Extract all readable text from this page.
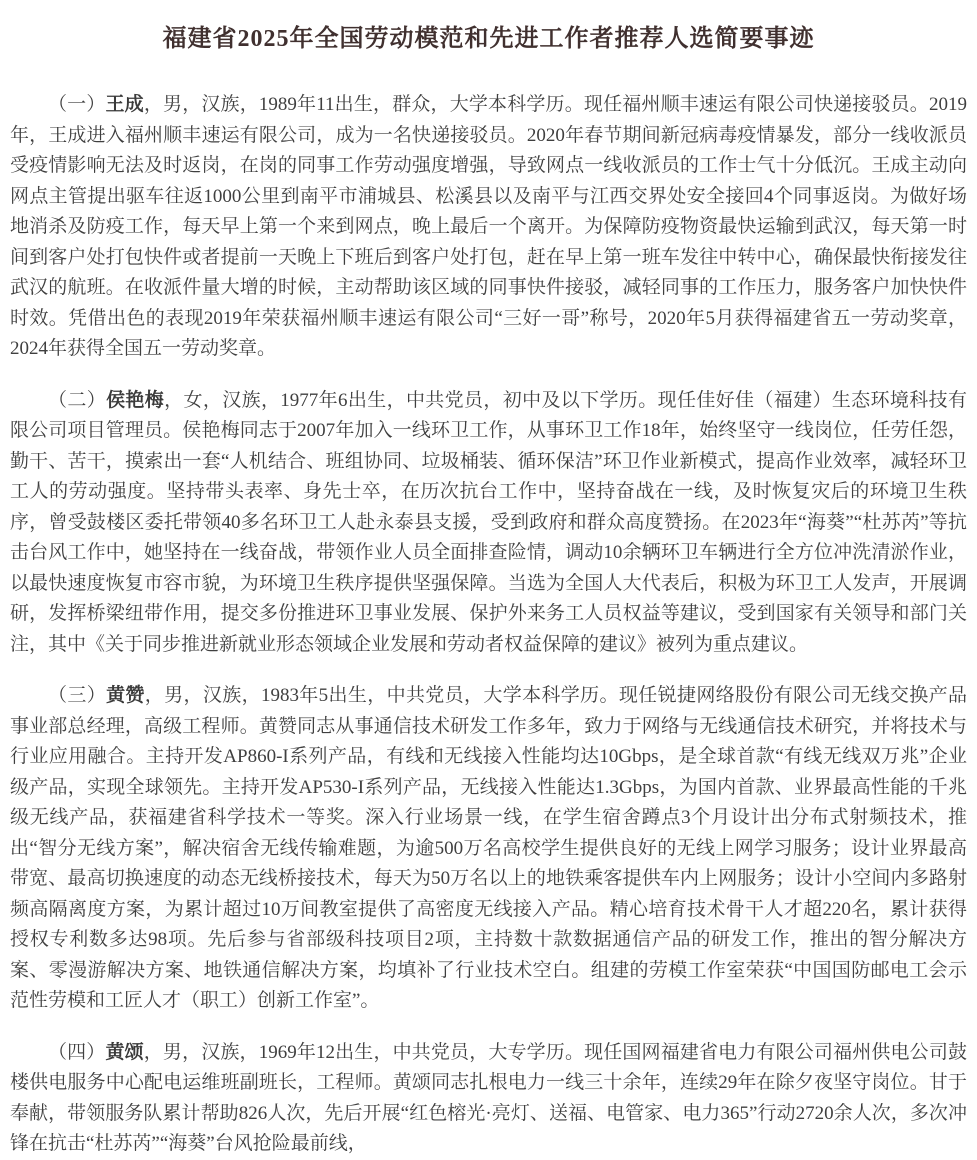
福建省2025年全国劳动模范和先进工作者推荐人选简要事迹

（一）王成，男，汉族，1989年11出生，群众，大学本科学历。现任福州顺丰速运有限公司快递接驳员。2019年，王成进入福州顺丰速运有限公司，成为一名快递接驳员。2020年春节期间新冠病毒疫情暴发，部分一线收派员受疫情影响无法及时返岗，在岗的同事工作劳动强度增强，导致网点一线收派员的工作士气十分低沉。王成主动向网点主管提出驱车往返1000公里到南平市浦城县、松溪县以及南平与江西交界处安全接回4个同事返岗。为做好场地消杀及防疫工作，每天早上第一个来到网点，晚上最后一个离开。为保障防疫物资最快运输到武汉，每天第一时间到客户处打包快件或者提前一天晚上下班后到客户处打包，赶在早上第一班车发往中转中心，确保最快衔接发往武汉的航班。在收派件量大增的时候，主动帮助该区域的同事快件接驳，减轻同事的工作压力，服务客户加快快件时效。凭借出色的表现2019年荣获福州顺丰速运有限公司“三好一哥”称号，2020年5月获得福建省五一劳动奖章，2024年获得全国五一劳动奖章。

（二）侯艳梅，女，汉族，1977年6出生，中共党员，初中及以下学历。现任佳好佳（福建）生态环境科技有限公司项目管理员。侯艳梅同志于2007年加入一线环卫工作，从事环卫工作18年，始终坚守一线岗位，任劳任怨，勤干、苦干，摸索出一套“人机结合、班组协同、垃圾桶装、循环保洁”环卫作业新模式，提高作业效率，减轻环卫工人的劳动强度。坚持带头表率、身先士卒，在历次抗台工作中，坚持奋战在一线，及时恢复灾后的环境卫生秩序，曾受鼓楼区委托带领40多名环卫工人赴永泰县支援，受到政府和群众高度赞扬。在2023年“海葵”“杜苏芮”等抗击台风工作中，她坚持在一线奋战，带领作业人员全面排查险情，调动10余辆环卫车辆进行全方位冲洗清淤作业，以最快速度恢复市容市貌，为环境卫生秩序提供坚强保障。当选为全国人大代表后，积极为环卫工人发声，开展调研，发挥桥梁纽带作用，提交多份推进环卫事业发展、保护外来务工人员权益等建议，受到国家有关领导和部门关注，其中《关于同步推进新就业形态领域企业发展和劳动者权益保障的建议》被列为重点建议。

（三）黄赞，男，汉族，1983年5出生，中共党员，大学本科学历。现任锐捷网络股份有限公司无线交换产品事业部总经理，高级工程师。黄赞同志从事通信技术研发工作多年，致力于网络与无线通信技术研究，并将技术与行业应用融合。主持开发AP860-I系列产品，有线和无线接入性能均达10Gbps，是全球首款“有线无线双万兆”企业级产品，实现全球领先。主持开发AP530-I系列产品，无线接入性能达1.3Gbps，为国内首款、业界最高性能的千兆级无线产品，获福建省科学技术一等奖。深入行业场景一线，在学生宿舍蹲点3个月设计出分布式射频技术，推出“智分无线方案”，解决宿舍无线传输难题，为逾500万名高校学生提供良好的无线上网学习服务；设计业界最高带宽、最高切换速度的动态无线桥接技术，每天为50万名以上的地铁乘客提供车内上网服务；设计小空间内多路射频高隔离度方案，为累计超过10万间教室提供了高密度无线接入产品。精心培育技术骨干人才超220名，累计获得授权专利数多达98项。先后参与省部级科技项目2项，主持数十款数据通信产品的研发工作，推出的智分解决方案、零漫游解决方案、地铁通信解决方案，均填补了行业技术空白。组建的劳模工作室荣获“中国国防邮电工会示范性劳模和工匠人才（职工）创新工作室”。

（四）黄颂，男，汉族，1969年12出生，中共党员，大专学历。现任国网福建省电力有限公司福州供电公司鼓楼供电服务中心配电运维班副班长，工程师。黄颂同志扎根电力一线三十余年，连续29年在除夕夜坚守岗位。甘于奉献，带领服务队累计帮助826人次，先后开展“红色榕光·亮灯、送福、电管家、电力365”行动2720余人次，多次冲锋在抗击“杜苏芮”“海葵”台风抢险最前线，
